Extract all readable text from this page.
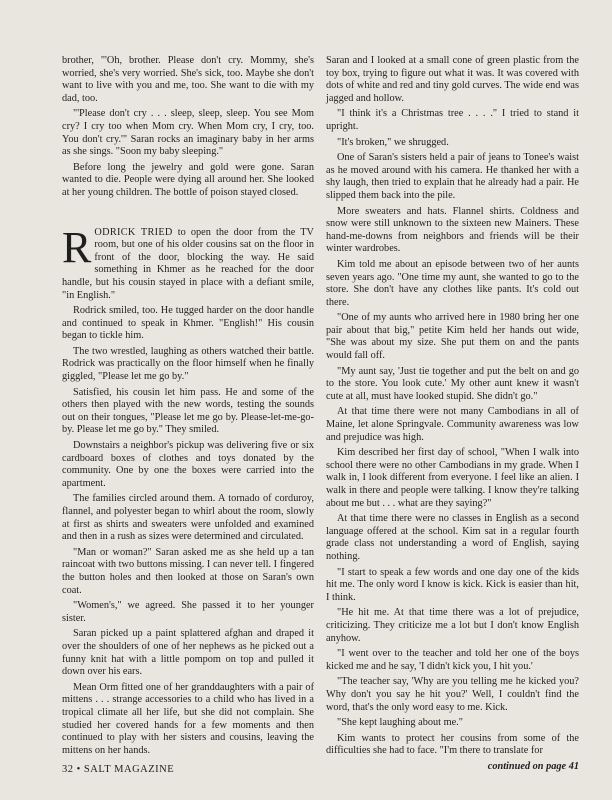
brother, "'Oh, brother. Please don't cry. Mommy, she's worried, she's very worried. She's sick, too. Maybe she don't want to live with you and me, too. She want to die with my dad, too.

"'Please don't cry . . . sleep, sleep, sleep. You see Mom cry? I cry too when Mom cry. When Mom cry, I cry, too. You don't cry.'" Saran rocks an imaginary baby in her arms as she sings. "Soon my baby sleeping."

Before long the jewelry and gold were gone. Saran wanted to die. People were dying all around her. She looked at her young children. The bottle of poison stayed closed.

RODRICK TRIED to open the door from the TV room, but one of his older cousins sat on the floor in front of the door, blocking the way. He said something in Khmer as he reached for the door handle, but his cousin stayed in place with a defiant smile, "in English."

Rodrick smiled, too. He tugged harder on the door handle and continued to speak in Khmer. "English!" His cousin began to tickle him.

The two wrestled, laughing as others watched their battle. Rodrick was practically on the floor himself when he finally giggled, "Please let me go by."

Satisfied, his cousin let him pass. He and some of the others then played with the new words, testing the sounds out on their tongues, "Please let me go by. Please-let-me-go-by. Please let me go by." They smiled.

Downstairs a neighbor's pickup was delivering five or six cardboard boxes of clothes and toys donated by the community. One by one the boxes were carried into the apartment.

The families circled around them. A tornado of corduroy, flannel, and polyester began to whirl about the room, slowly at first as shirts and sweaters were unfolded and examined and then in a rush as sizes were determined and circulated.

"Man or woman?" Saran asked me as she held up a tan raincoat with two buttons missing. I can never tell. I fingered the button holes and then looked at those on Saran's own coat.

"Women's," we agreed. She passed it to her younger sister.

Saran picked up a paint splattered afghan and draped it over the shoulders of one of her nephews as he picked out a funny knit hat with a little pompom on top and pulled it down over his ears.

Mean Orm fitted one of her granddaughters with a pair of mittens . . . strange accessories to a child who has lived in a tropical climate all her life, but she did not complain. She studied her covered hands for a few moments and then continued to play with her sisters and cousins, leaving the mittens on her hands.

Saran and I looked at a small cone of green plastic from the toy box, trying to figure out what it was. It was covered with dots of white and red and tiny gold curves. The wide end was jagged and hollow.

"I think it's a Christmas tree . . . ." I tried to stand it upright.

"It's broken," we shrugged.

One of Saran's sisters held a pair of jeans to Tonee's waist as he moved around with his camera. He thanked her with a shy laugh, then tried to explain that he already had a pair. He slipped them back into the pile.

More sweaters and hats. Flannel shirts. Coldness and snow were still unknown to the sixteen new Mainers. These hand-me-downs from neighbors and friends will be their winter wardrobes.

Kim told me about an episode between two of her aunts seven years ago. "One time my aunt, she wanted to go to the store. She don't have any clothes like pants. It's cold out there.

"One of my aunts who arrived here in 1980 bring her one pair about that big," petite Kim held her hands out wide, "She was about my size. She put them on and the pants would fall off.

"My aunt say, 'Just tie together and put the belt on and go to the store. You look cute.' My other aunt knew it wasn't cute at all, must have looked stupid. She didn't go."

At that time there were not many Cambodians in all of Maine, let alone Springvale. Community awareness was low and prejudice was high.

Kim described her first day of school, "When I walk into school there were no other Cambodians in my grade. When I walk in, I look different from everyone. I feel like an alien. I walk in there and people were talking. I know they're talking about me but . . . what are they saying?"

At that time there were no classes in English as a second language offered at the school. Kim sat in a regular fourth grade class not understanding a word of English, saying nothing.

"I start to speak a few words and one day one of the kids hit me. The only word I know is kick. Kick is easier than hit, I think.

"He hit me. At that time there was a lot of prejudice, criticizing. They criticize me a lot but I don't know English anyhow.

"I went over to the teacher and told her one of the boys kicked me and he say, 'I didn't kick you, I hit you.'

"The teacher say, 'Why are you telling me he kicked you? Why don't you say he hit you?' Well, I couldn't find the word, that's the only word easy to me. Kick.

"She kept laughing about me."

Kim wants to protect her cousins from some of the difficulties she had to face. "I'm there to translate for

continued on page 41

32 • SALT MAGAZINE
